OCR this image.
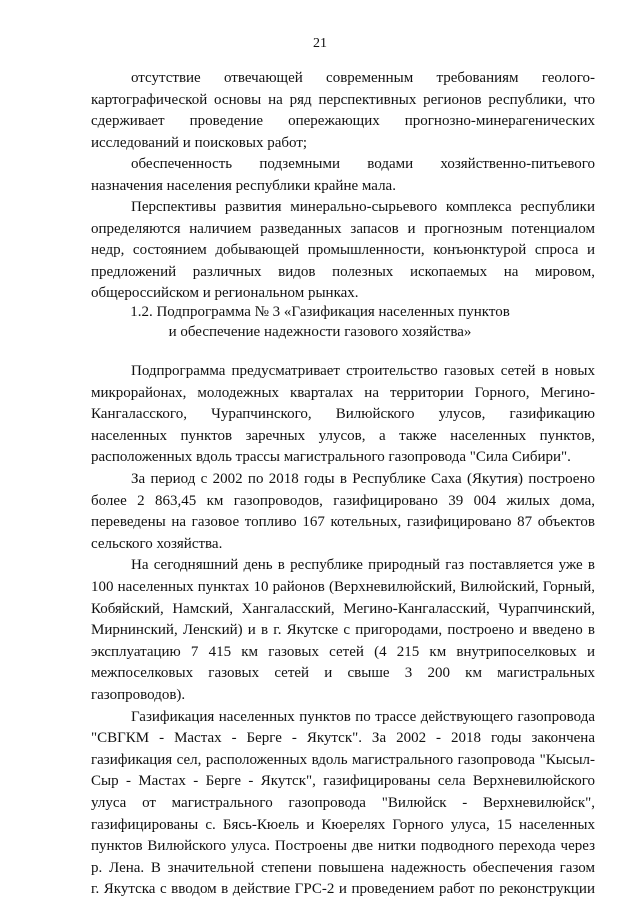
21
отсутствие отвечающей современным требованиям геолого-
картографической основы на ряд перспективных регионов республики, что
сдерживает проведение опережающих прогнозно-минерагенических
исследований и поисковых работ;
обеспеченность подземными водами хозяйственно-питьевого
назначения населения республики крайне мала.
Перспективы развития минерально-сырьевого комплекса республики
определяются наличием разведанных запасов и прогнозным потенциалом
недр, состоянием добывающей промышленности, конъюнктурой спроса и
предложений различных видов полезных ископаемых на мировом,
общероссийском и региональном рынках.
1.2. Подпрограмма № 3 «Газификация населенных пунктов
и обеспечение надежности газового хозяйства»
Подпрограмма предусматривает строительство газовых сетей в новых
микрорайонах, молодежных кварталах на территории Горного, Мегино-
Кангаласского, Чурапчинского, Вилюйского улусов, газификацию
населенных пунктов заречных улусов, а также населенных пунктов,
расположенных вдоль трассы магистрального газопровода "Сила Сибири".
За период с 2002 по 2018 годы в Республике Саха (Якутия) построено
более 2 863,45 км газопроводов, газифицировано 39 004 жилых дома,
переведены на газовое топливо 167 котельных, газифицировано 87 объектов
сельского хозяйства.
На сегодняшний день в республике природный газ поставляется уже в
100 населенных пунктах 10 районов (Верхневилюйский, Вилюйский, Горный,
Кобяйский, Намский, Хангаласский, Мегино-Кангаласский, Чурапчинский,
Мирнинский, Ленский) и в г. Якутске с пригородами, построено и введено в
эксплуатацию 7 415 км газовых сетей (4 215 км внутрипоселковых и
межпоселковых газовых сетей и свыше 3 200 км магистральных
газопроводов).
Газификация населенных пунктов по трассе действующего газопровода
"СВГКМ - Мастах - Берге - Якутск". За 2002 - 2018 годы закончена
газификация сел, расположенных вдоль магистрального газопровода "Кысыл-
Сыр - Мастах - Берге - Якутск", газифицированы села Верхневилюйского
улуса от магистрального газопровода "Вилюйск - Верхневилюйск",
газифицированы с. Бясь-Кюель и Кюерелях Горного улуса, 15 населенных
пунктов Вилюйского улуса. Построены две нитки подводного перехода через
р. Лена. В значительной степени повышена надежность обеспечения газом
г. Якутска с вводом в действие ГРС-2 и проведением работ по реконструкции
